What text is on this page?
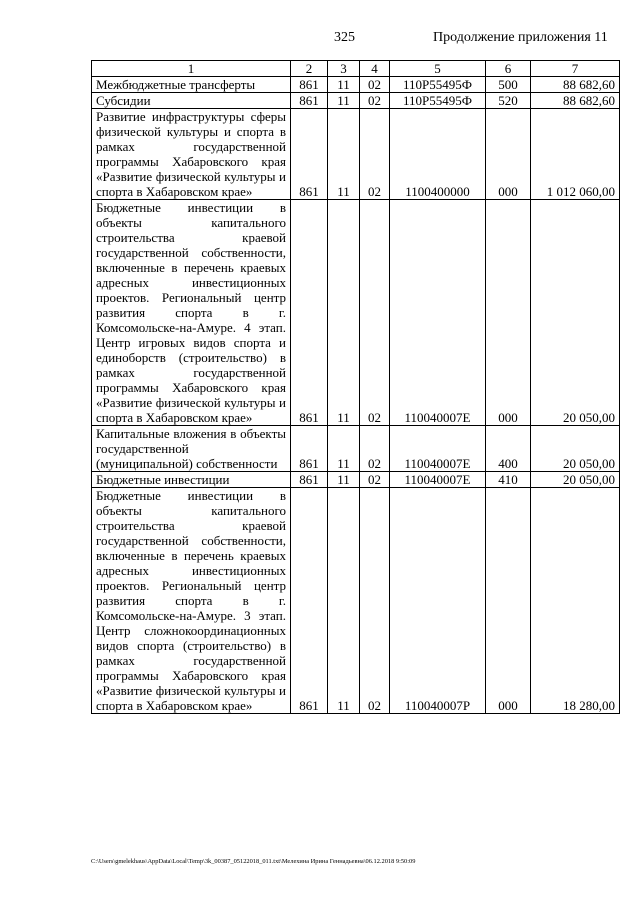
325	Продолжение приложения 11
1	2	3	4	5	6	7
Межбюджетные трансферты	861	11	02	110P55495Ф	500	88 682,60
Субсидии	861	11	02	110P55495Ф	520	88 682,60
Развитие инфраструктуры сферы физической культуры и спорта в рамках государственной программы Хабаровского края «Развитие физической культуры и спорта в Хабаровском крае»	861	11	02	1100400000	000	1 012 060,00
Бюджетные инвестиции в объекты капитального строительства краевой государственной собственности, включенные в перечень краевых адресных инвестиционных проектов. Региональный центр развития спорта в г. Комсомольске-на-Амуре. 4 этап. Центр игровых видов спорта и единоборств (строительство) в рамках государственной программы Хабаровского края «Развитие физической культуры и спорта в Хабаровском крае»	861	11	02	110040007Е	000	20 050,00
Капитальные вложения в объекты государственной (муниципальной) собственности	861	11	02	110040007Е	400	20 050,00
Бюджетные инвестиции	861	11	02	110040007Е	410	20 050,00
Бюджетные инвестиции в объекты капитального строительства краевой государственной собственности, включенные в перечень краевых адресных инвестиционных проектов. Региональный центр развития спорта в г. Комсомольске-на-Амуре. 3 этап. Центр сложнокоординационных видов спорта (строительство) в рамках государственной программы Хабаровского края «Развитие физической культуры и спорта в Хабаровском крае»	861	11	02	110040007Р	000	18 280,00
C:\Users\gmelekhaus\AppData\Local\Temp\3k_00387_05122018_011.txt\Мелехина Ирина Геннадьевна\06.12.2018 9:50:09
